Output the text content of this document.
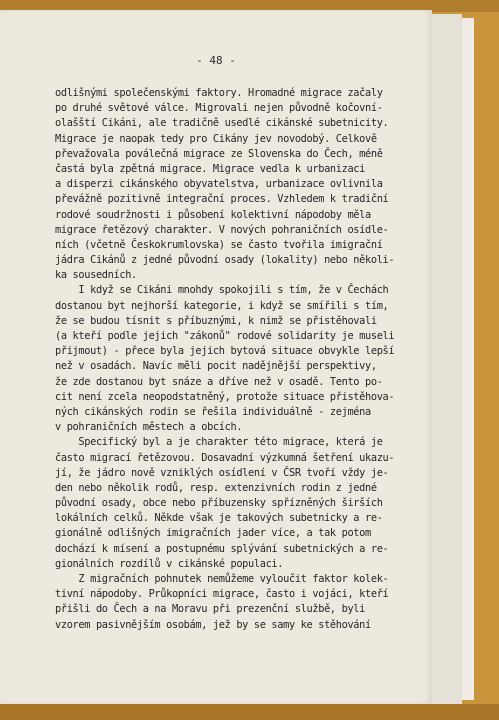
- 48 -
odlišnými společenskými faktory. Hromadné migrace začaly
po druhé světové válce. Migrovali nejen původně kočovní-
olašští Cikáni, ale tradičně usedlé cikánské subetnicity.
Migrace je naopak tedy pro Cikány jev novodobý. Celkově
převažovala poválečná migrace ze Slovenska do Čech, méně
častá byla zpětná migrace. Migrace vedla k urbanizaci
a disperzi cikánského obyvatelstva, urbanizace ovlivnila
převážně pozitivně integrační proces. Vzhledem k tradiční
rodové soudržnosti i působení kolektivní nápodoby měla
migrace řetězový charakter. V nových pohraničních osídle-
ních (včetně Českokrumlovska) se často tvořila imigrační
jádra Cikánů z jedné původní osady (lokality) nebo několi-
ka sousedních.
I když se Cikáni mnohdy spokojili s tím, že v Čechách
dostanou byt nejhorší kategorie, i když se smířili s tím,
že se budou tísnit s příbuznými, k nimž se přistěhovali
(a kteří podle jejich "zákonů" rodové solidarity je museli
přijmout) - přece byla jejich bytová situace obvykle lepší
než v osadách. Navíc měli pocit nadějnější perspektivy,
že zde dostanou byt snáze a dříve než v osadě. Tento po-
cit není zcela neopodstatněný, protože situace přistěhova-
ných cikánských rodin se řešila individuálně - zejména
v pohraničních městech a obcích.
Specifický byl a je charakter této migrace, která je
často migrací řetězovou. Dosavadní výzkumná šetření ukazu-
jí, že jádro nově vzniklých osídlení v ČSR tvoří vždy je-
den nebo několik rodů, resp. extenzivních rodin z jedné
původní osady, obce nebo příbuzensky spřízněných širších
lokálních celků. Někde však je takových subetnicky a re-
gionálně odlišných imigračních jader více, a tak potom
dochází k mísení a postupnému splývání subetnických a re-
gionálních rozdílů v cikánské populaci.
Z migračních pohnutek nemůžeme vyloučit faktor kolek-
tivní nápodoby. Průkopníci migrace, často i vojáci, kteří
přišli do Čech a na Moravu při prezenční službě, byli
vzorem pasivnějším osobám, jež by se samy ke stěhování
